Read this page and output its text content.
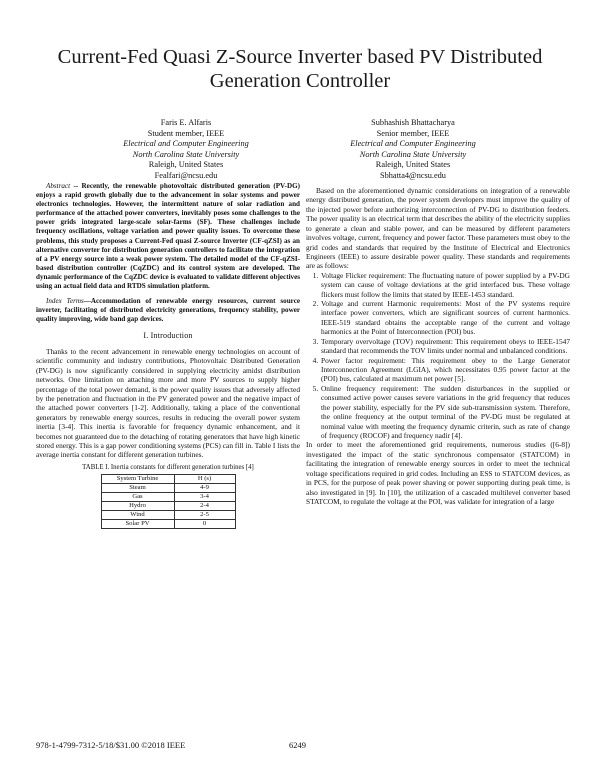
Current-Fed Quasi Z-Source Inverter based PV Distributed Generation Controller
Faris E. Alfaris
Student member, IEEE
Electrical and Computer Engineering
North Carolina State University
Raleigh, United States
Fealfari@ncsu.edu
Subhashish Bhattacharya
Senior member, IEEE
Electrical and Computer Engineering
North Carolina State University
Raleigh, United States
Sbhatta4@ncsu.edu

Abstract -- Recently, the renewable photovoltaic distributed generation (PV-DG) enjoys a rapid growth globally due to the advancement in solar systems and power electronics technologies. However, the intermittent nature of solar radiation and performance of the attached power converters, inevitably poses some challenges to the power grids integrated large-scale solar-farms (SF). These challenges include frequency oscillations, voltage variation and power quality issues. To overcome these problems, this study proposes a Current-Fed quasi Z-source Inverter (CF-qZSI) as an alternative converter for distribution generation controllers to facilitate the integration of a PV energy source into a weak power system. The detailed model of the CF-qZSI-based distribution controller (CqZDC) and its control system are developed. The dynamic performance of the CqZDC device is evaluated to validate different objectives using an actual field data and RTDS simulation platform.

Index Terms—Accommodation of renewable energy resources, current source inverter, facilitating of distributed electricity generations, frequency stability, power quality improving, wide band gap devices.

I. Introduction

Thanks to the recent advancement in renewable energy technologies on account of scientific community and industry contributions, Photovoltaic Distributed Generation (PV-DG) is now significantly considered in supplying electricity amidst distribution networks. One limitation on attaching more and more PV sources to supply higher percentage of the total power demand, is the power quality issues that adversely affected by the penetration and fluctuation in the PV generated power and the negative impact of the attached power converters [1-2]. Additionally, taking a place of the conventional generators by renewable energy sources, results in reducing the overall power system inertia [3-4]. This inertia is favorable for frequency dynamic enhancement, and it becomes not guaranteed due to the detaching of rotating generators that have high kinetic stored energy. This is a gap power conditioning systems (PCS) can fill in. Table I lists the average inertia constant for different generation turbines.

TABLE I. Inertia constants for different generation turbines [4]
System Turbine	H (s)
Steam	4-9
Gas	3-4
Hydro	2-4
Wind	2-5
Solar PV	0

Based on the aforementioned dynamic considerations on integration of a renewable energy distributed generation, the power system developers must improve the quality of the injected power before authorizing interconnection of PV-DG to distribution feeders. The power quality is an electrical term that describes the ability of the electricity supplies to generate a clean and stable power, and can be measured by different parameters involves voltage, current, frequency and power factor. These parameters must obey to the grid codes and standards that required by the Institute of Electrical and Electronics Engineers (IEEE) to assure desirable power quality. These standards and requirements are as follows:

1. Voltage Flicker requirement: The fluctuating nature of power supplied by a PV-DG system can cause of voltage deviations at the grid interfaced bus. These voltage flickers must follow the limits that stated by IEEE-1453 standard.
2. Voltage and current Harmonic requirements: Most of the PV systems require interface power converters, which are significant sources of current harmonics. IEEE-519 standard obtains the acceptable range of the current and voltage harmonics at the Point of Interconnection (POI) bus.
3. Temporary overvoltage (TOV) requirement: This requirement obeys to IEEE-1547 standard that recommends the TOV limits under normal and unbalanced conditions.
4. Power factor requirement: This requirement obey to the Large Generator Interconnection Agreement (LGIA), which necessitates 0.95 power factor at the (POI) bus, calculated at maximum net power [5].
5. Online frequency requirement: The sudden disturbances in the supplied or consumed active power causes severe variations in the grid frequency that reduces the power stability, especially for the PV side sub-transmission system. Therefore, the online frequency at the output terminal of the PV-DG must be regulated at nominal value with meeting the frequency dynamic criterin, such as rate of change of frequency (ROCOF) and frequency nadir [4].

In order to meet the aforementioned grid requirements, numerous studies ([6-8]) investigated the impact of the static synchronous compensator (STATCOM) in facilitating the integration of renewable energy sources in order to meet the technical voltage specifications required in grid codes. Including an ESS to STATCOM devices, as in PCS, for the purpose of peak power shaving or power supporting during peak time, is also investigated in [9]. In [10], the utilization of a cascaded multilevel converter based STATCOM, to regulate the voltage at the POI, was validate for integration of a large

978-1-4799-7312-5/18/$31.00 ©2018 IEEE	6249
